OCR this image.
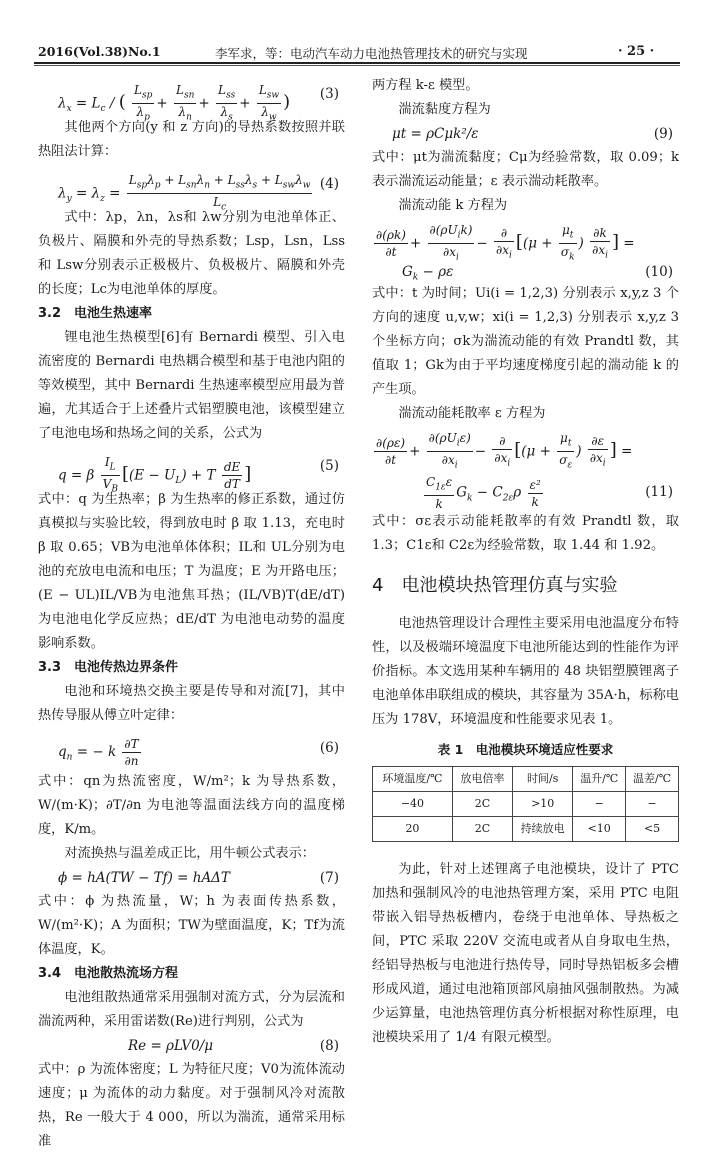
2016(Vol.38)No.1	李军求，等：电动汽车动力电池热管理技术的研究与实现	· 25 ·
$\lambda_x = L_c$ / ( $\frac{L_{sp}}{\lambda_p} + \frac{L_{sn}}{\lambda_n} + \frac{L_{ss}}{\lambda_s} + \frac{L_{sw}}{\lambda_w}$ ) (3)

其他两个方向(y 和 z 方向)的导热系数按照并联热阻法计算：

$\lambda_y = \lambda_z = \frac{L_{sp}\lambda_p + L_{sn}\lambda_n + L_{ss}\lambda_s + L_{sw}\lambda_w}{L_c} (4)$

式中：λp，λn，λs和 λw分别为电池单体正、负极片、隔膜和外壳的导热系数；Lsp，Lsn，Lss和 Lsw分别表示正极极片、负极极片、隔膜和外壳的长度；Lc为电池单体的厚度。

3.2　电池生热速率

锂电池生热模型[6]有 Bernardi 模型、引入电流密度的 Bernardi 电热耦合模型和基于电池内阻的等效模型，其中 Bernardi 生热速率模型应用最为普遍，尤其适合于上述叠片式铝塑膜电池，该模型建立了电池电场和热场之间的关系，公式为

q = β $\frac{I_L}{V_B} [(E - U_L) + T \frac{dE}{dT}$ ]	(5)

式中：q 为生热率；β 为生热率的修正系数，通过仿真模拟与实验比较，得到放电时 β 取 1.13，充电时 β 取 0.65；VB为电池单体体积；IL和 UL分别为电池的充放电电流和电压；T 为温度；E 为开路电压；(E − UL)IL/VB为电池焦耳热；(IL/VB)T(dE/dT) 为电池电化学反应热；dE/dT 为电池电动势的温度影响系数。

3.3　电池传热边界条件

电池和环境热交换主要是传导和对流[7]，其中热传导服从傅立叶定律：

$q_n$ = − k $\frac{\partial T}{\partial n}$	(6)

式中：qn为热流密度，W/m²；k 为导热系数，W/(m·K)；∂T/∂n 为电池等温面法线方向的温度梯度，K/m。

对流换热与温差成正比，用牛顿公式表示：

ϕ = hA(TW − Tf) = hAΔT	(7)

式中：ϕ 为热流量，W；h 为表面传热系数，W/(m²·K)；A 为面积；TW为壁面温度，K；Tf为流体温度，K。

3.4　电池散热流场方程

电池组散热通常采用强制对流方式，分为层流和湍流两种，采用雷诺数(Re)进行判别，公式为

Re = ρLV0/μ	(8)

式中：ρ 为流体密度；L 为特征尺度；V0为流体流动速度；μ 为流体的动力黏度。对于强制风冷对流散热，Re 一般大于 4 000，所以为湍流，通常采用标准

两方程 k-ε 模型。

湍流黏度方程为

μt = ρCμk²/ε	(9)

式中：μt为湍流黏度；Cμ为经验常数，取 0.09；k 表示湍流运动能量；ε 表示湍动耗散率。

湍流动能 k 方程为

$\frac{\partial(\rho k)}{\partial t} + \frac{\partial(\rho U_ik)}{\partial x_i} - \frac{\partial}{\partial x_i} [(\mu + \frac{\mu_t}{\sigma_k}$ ) $\frac{\partial k}{\partial x_i}$ ] =
$G_k - \rho\varepsilon$	(10)

式中：t 为时间；Ui(i = 1,2,3) 分别表示 x,y,z 3 个方向的速度 u,v,w；xi(i = 1,2,3) 分别表示 x,y,z 3 个坐标方向；σk为湍流动能的有效 Prandtl 数，其值取 1；Gk为由于平均速度梯度引起的湍动能 k 的产生项。

湍流动能耗散率 ε 方程为

$\frac{\partial(\rho\varepsilon)}{\partial t} + \frac{\partial(\rho U_i\varepsilon)}{\partial x_i} - \frac{\partial}{\partial x_i} [(\mu + \frac{\mu_t}{\sigma_\varepsilon}$ ) $\frac{\partial\varepsilon}{\partial x_i}$ ] =
$\frac{C_{1\varepsilon}\varepsilon}{k} G_k - C_{2\varepsilon}\rho \frac{\text{ε²}}{k}$	(11)

式中：σε表示动能耗散率的有效 Prandtl 数，取 1.3；C1ε和 C2ε为经验常数，取 1.44 和 1.92。

4　电池模块热管理仿真与实验

电池热管理设计合理性主要采用电池温度分布特性，以及极端环境温度下电池所能达到的性能作为评价指标。本文选用某种车辆用的 48 块铝塑膜锂离子电池单体串联组成的模块，其容量为 35A·h，标称电压为 178V，环境温度和性能要求见表 1。

表 1　电池模块环境适应性要求

环境温度/℃	放电倍率	时间/s	温升/℃	温差/℃
−40	2C	>10	−	−
20	2C	持续放电	<10	<5

为此，针对上述锂离子电池模块，设计了 PTC 加热和强制风冷的电池热管理方案，采用 PTC 电阻带嵌入铝导热板槽内，卷绕于电池单体、导热板之间，PTC 采取 220V 交流电或者从自身取电生热，经铝导热板与电池进行热传导，同时导热铝板多会槽形成风道，通过电池箱顶部风扇抽风强制散热。为减少运算量，电池热管理仿真分析根据对称性原理，电池模块采用了 1/4 有限元模型。
